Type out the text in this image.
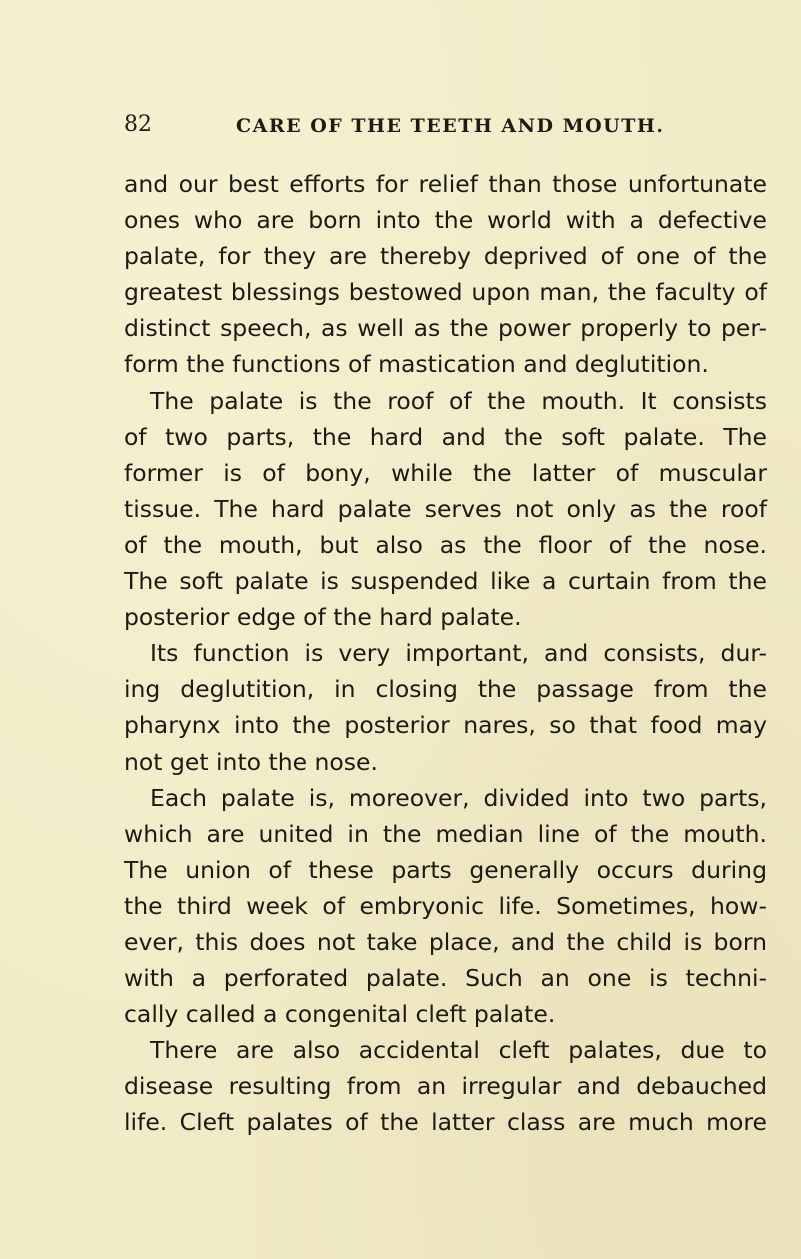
82	CARE OF THE TEETH AND MOUTH.
and our best efforts for relief than those unfortunate
ones who are born into the world with a defective
palate, for they are thereby deprived of one of the
greatest blessings bestowed upon man, the faculty of
distinct speech, as well as the power properly to per-
form the functions of mastication and deglutition.
The palate is the roof of the mouth. It consists
of two parts, the hard and the soft palate. The
former is of bony, while the latter of muscular
tissue. The hard palate serves not only as the roof
of the mouth, but also as the floor of the nose.
The soft palate is suspended like a curtain from the
posterior edge of the hard palate.
Its function is very important, and consists, dur-
ing deglutition, in closing the passage from the
pharynx into the posterior nares, so that food may
not get into the nose.
Each palate is, moreover, divided into two parts,
which are united in the median line of the mouth.
The union of these parts generally occurs during
the third week of embryonic life. Sometimes, how-
ever, this does not take place, and the child is born
with a perforated palate. Such an one is techni-
cally called a congenital cleft palate.
There are also accidental cleft palates, due to
disease resulting from an irregular and debauched
life. Cleft palates of the latter class are much more
